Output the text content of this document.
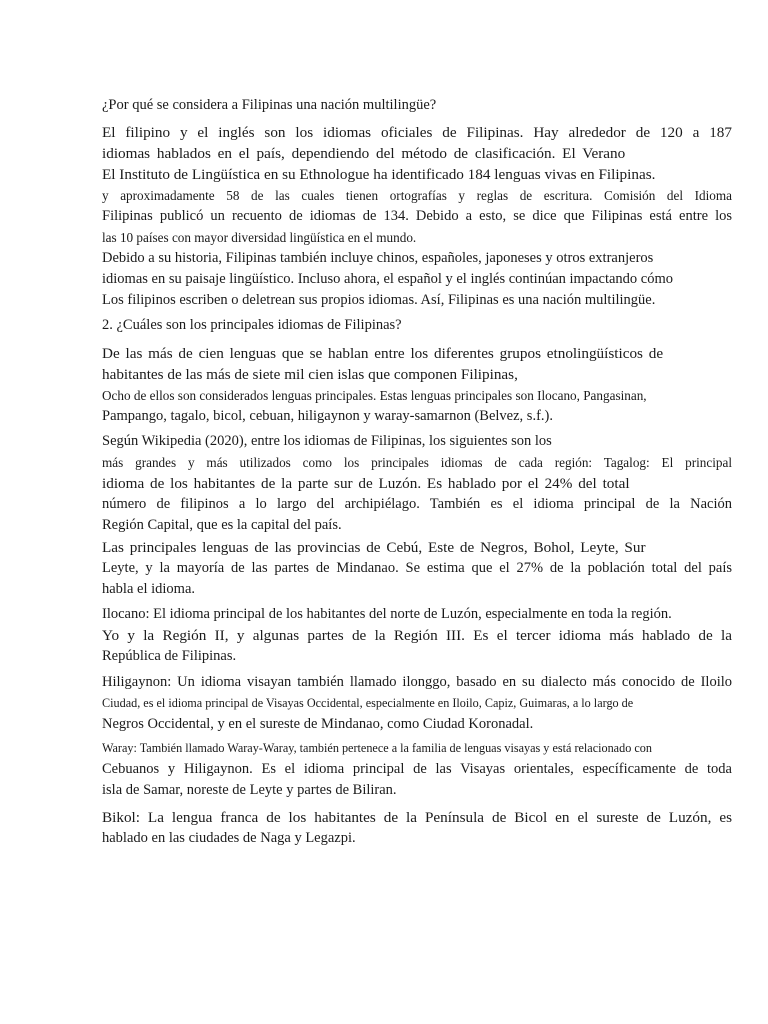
¿Por qué se considera a Filipinas una nación multilingüe?
El filipino y el inglés son los idiomas oficiales de Filipinas. Hay alrededor de 120 a 187
idiomas hablados en el país, dependiendo del método de clasificación. El Verano
El Instituto de Lingüística en su Ethnologue ha identificado 184 lenguas vivas en Filipinas.
y aproximadamente 58 de las cuales tienen ortografías y reglas de escritura. Comisión del Idioma
Filipinas publicó un recuento de idiomas de 134. Debido a esto, se dice que Filipinas está entre los
las 10 países con mayor diversidad lingüística en el mundo.
Debido a su historia, Filipinas también incluye chinos, españoles, japoneses y otros extranjeros
idiomas en su paisaje lingüístico. Incluso ahora, el español y el inglés continúan impactando cómo
Los filipinos escriben o deletrean sus propios idiomas. Así, Filipinas es una nación multilingüe.
2. ¿Cuáles son los principales idiomas de Filipinas?
De las más de cien lenguas que se hablan entre los diferentes grupos etnolingüísticos de
habitantes de las más de siete mil cien islas que componen Filipinas,
Ocho de ellos son considerados lenguas principales. Estas lenguas principales son Ilocano, Pangasinan,
Pampango, tagalo, bicol, cebuan, hiligaynon y waray-samarnon (Belvez, s.f.).
Según Wikipedia (2020), entre los idiomas de Filipinas, los siguientes son los
más grandes y más utilizados como los principales idiomas de cada región: Tagalog: El principal
idioma de los habitantes de la parte sur de Luzón. Es hablado por el 24% del total
número de filipinos a lo largo del archipiélago. También es el idioma principal de la Nación
Región Capital, que es la capital del país.
Las principales lenguas de las provincias de Cebú, Este de Negros, Bohol, Leyte, Sur
Leyte, y la mayoría de las partes de Mindanao. Se estima que el 27% de la población total del país
habla el idioma.
Ilocano: El idioma principal de los habitantes del norte de Luzón, especialmente en toda la región.
Yo y la Región II, y algunas partes de la Región III. Es el tercer idioma más hablado de la
República de Filipinas.
Hiligaynon: Un idioma visayan también llamado ilonggo, basado en su dialecto más conocido de Iloilo
Ciudad, es el idioma principal de Visayas Occidental, especialmente en Iloilo, Capiz, Guimaras, a lo largo de
Negros Occidental, y en el sureste de Mindanao, como Ciudad Koronadal.
Waray: También llamado Waray-Waray, también pertenece a la familia de lenguas visayas y está relacionado con
Cebuanos y Hiligaynon. Es el idioma principal de las Visayas orientales, específicamente de toda
isla de Samar, noreste de Leyte y partes de Biliran.
Bikol: La lengua franca de los habitantes de la Península de Bicol en el sureste de Luzón, es
hablado en las ciudades de Naga y Legazpi.
